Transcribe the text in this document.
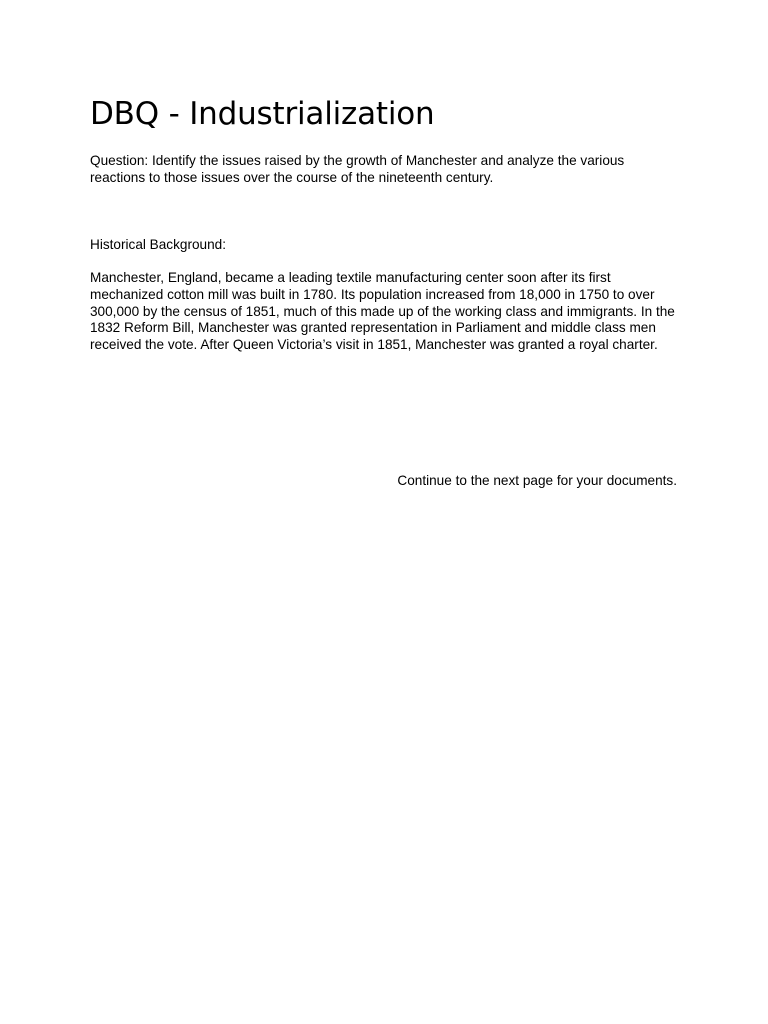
DBQ - Industrialization

Question: Identify the issues raised by the growth of Manchester and analyze the various reactions to those issues over the course of the nineteenth century.

Historical Background:

Manchester, England, became a leading textile manufacturing center soon after its first mechanized cotton mill was built in 1780. Its population increased from 18,000 in 1750 to over 300,000 by the census of 1851, much of this made up of the working class and immigrants. In the 1832 Reform Bill, Manchester was granted representation in Parliament and middle class men received the vote. After Queen Victoria’s visit in 1851, Manchester was granted a royal charter.

Continue to the next page for your documents.
